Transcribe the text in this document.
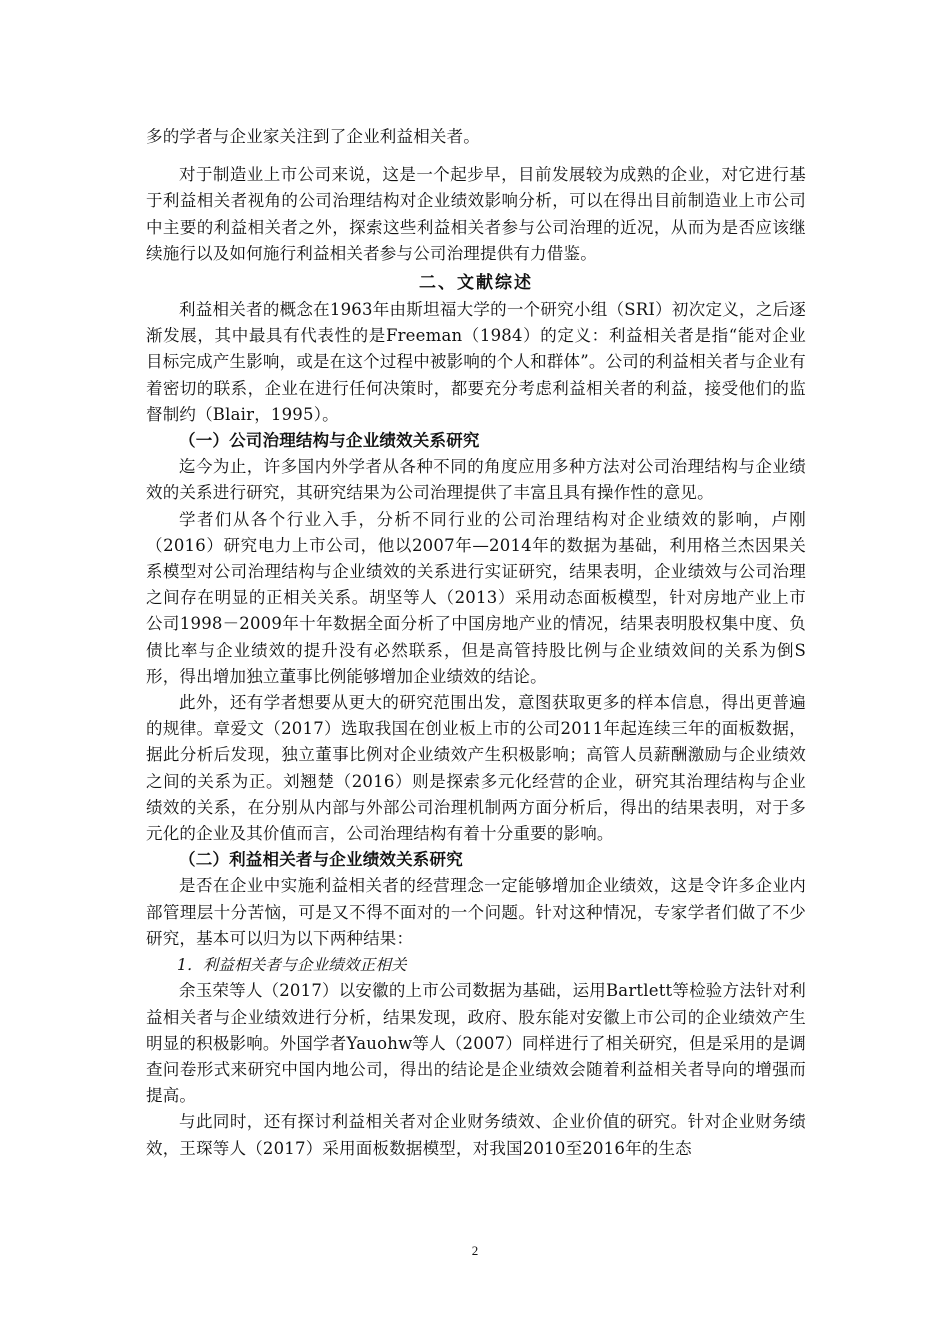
多的学者与企业家关注到了企业利益相关者。

对于制造业上市公司来说，这是一个起步早，目前发展较为成熟的企业，对它进行基于利益相关者视角的公司治理结构对企业绩效影响分析，可以在得出目前制造业上市公司中主要的利益相关者之外，探索这些利益相关者参与公司治理的近况，从而为是否应该继续施行以及如何施行利益相关者参与公司治理提供有力借鉴。

二、文献综述

利益相关者的概念在1963年由斯坦福大学的一个研究小组（SRI）初次定义，之后逐渐发展，其中最具有代表性的是Freeman（1984）的定义：利益相关者是指“能对企业目标完成产生影响，或是在这个过程中被影响的个人和群体”。公司的利益相关者与企业有着密切的联系，企业在进行任何决策时，都要充分考虑利益相关者的利益，接受他们的监督制约（Blair，1995）。

（一）公司治理结构与企业绩效关系研究

迄今为止，许多国内外学者从各种不同的角度应用多种方法对公司治理结构与企业绩效的关系进行研究，其研究结果为公司治理提供了丰富且具有操作性的意见。

学者们从各个行业入手，分析不同行业的公司治理结构对企业绩效的影响，卢刚（2016）研究电力上市公司，他以2007年—2014年的数据为基础，利用格兰杰因果关系模型对公司治理结构与企业绩效的关系进行实证研究，结果表明，企业绩效与公司治理之间存在明显的正相关关系。胡坚等人（2013）采用动态面板模型，针对房地产业上市公司1998－2009年十年数据全面分析了中国房地产业的情况，结果表明股权集中度、负债比率与企业绩效的提升没有必然联系，但是高管持股比例与企业绩效间的关系为倒S形，得出增加独立董事比例能够增加企业绩效的结论。

此外，还有学者想要从更大的研究范围出发，意图获取更多的样本信息，得出更普遍的规律。章爱文（2017）选取我国在创业板上市的公司2011年起连续三年的面板数据，据此分析后发现，独立董事比例对企业绩效产生积极影响；高管人员薪酬激励与企业绩效之间的关系为正。刘翘楚（2016）则是探索多元化经营的企业，研究其治理结构与企业绩效的关系，在分别从内部与外部公司治理机制两方面分析后，得出的结果表明，对于多元化的企业及其价值而言，公司治理结构有着十分重要的影响。

（二）利益相关者与企业绩效关系研究

是否在企业中实施利益相关者的经营理念一定能够增加企业绩效，这是令许多企业内部管理层十分苦恼，可是又不得不面对的一个问题。针对这种情况，专家学者们做了不少研究，基本可以归为以下两种结果：

1．利益相关者与企业绩效正相关

余玉荣等人（2017）以安徽的上市公司数据为基础，运用Bartlett等检验方法针对利益相关者与企业绩效进行分析，结果发现，政府、股东能对安徽上市公司的企业绩效产生明显的积极影响。外国学者Yauohw等人（2007）同样进行了相关研究，但是采用的是调查问卷形式来研究中国内地公司，得出的结论是企业绩效会随着利益相关者导向的增强而提高。

与此同时，还有探讨利益相关者对企业财务绩效、企业价值的研究。针对企业财务绩效，王琛等人（2017）采用面板数据模型，对我国2010至2016年的生态

2
